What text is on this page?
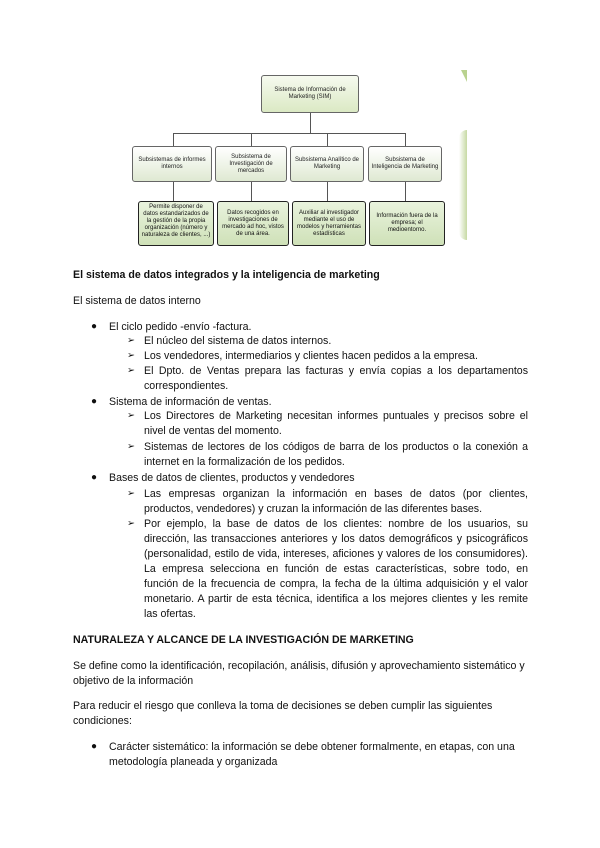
Sistema de Información de Marketing (SIM)
Subsistemas de informes internos
Subsistema de Investigación de mercados
Subsistema Analítico de Marketing
Subsistema de Inteligencia de Marketing
Permite disponer de datos estandarizados de la gestión de la propia organización (número y naturaleza de clientes, ...)
Datos recogidos en investigaciones de mercado ad hoc, vistos de una área.
Auxiliar al investigador mediante el uso de modelos y herramientas estadísticas
Información fuera de la empresa; el medioentorno.
El sistema de datos integrados y la inteligencia de marketing
El sistema de datos interno
● El ciclo pedido -envío -factura.
➢ El núcleo del sistema de datos internos.
➢ Los vendedores, intermediarios y clientes hacen pedidos a la empresa.
➢ El Dpto. de Ventas prepara las facturas y envía copias a los departamentos correspondientes.
● Sistema de información de ventas.
➢ Los Directores de Marketing necesitan informes puntuales y precisos sobre el nivel de ventas del momento.
➢ Sistemas de lectores de los códigos de barra de los productos o la conexión a internet en la formalización de los pedidos.
● Bases de datos de clientes, productos y vendedores
➢ Las empresas organizan la información en bases de datos (por clientes, productos, vendedores) y cruzan la información de las diferentes bases.
➢ Por ejemplo, la base de datos de los clientes: nombre de los usuarios, su dirección, las transacciones anteriores y los datos demográficos y psicográficos (personalidad, estilo de vida, intereses, aficiones y valores de los consumidores). La empresa selecciona en función de estas características, sobre todo, en función de la frecuencia de compra, la fecha de la última adquisición y el valor monetario. A partir de esta técnica, identifica a los mejores clientes y les remite las ofertas.
NATURALEZA Y ALCANCE DE LA INVESTIGACIÓN DE MARKETING
Se define como la identificación, recopilación, análisis, difusión y aprovechamiento sistemático y objetivo de la información
Para reducir el riesgo que conlleva la toma de decisiones se deben cumplir las siguientes condiciones:
● Carácter sistemático: la información se debe obtener formalmente, en etapas, con una metodología planeada y organizada
